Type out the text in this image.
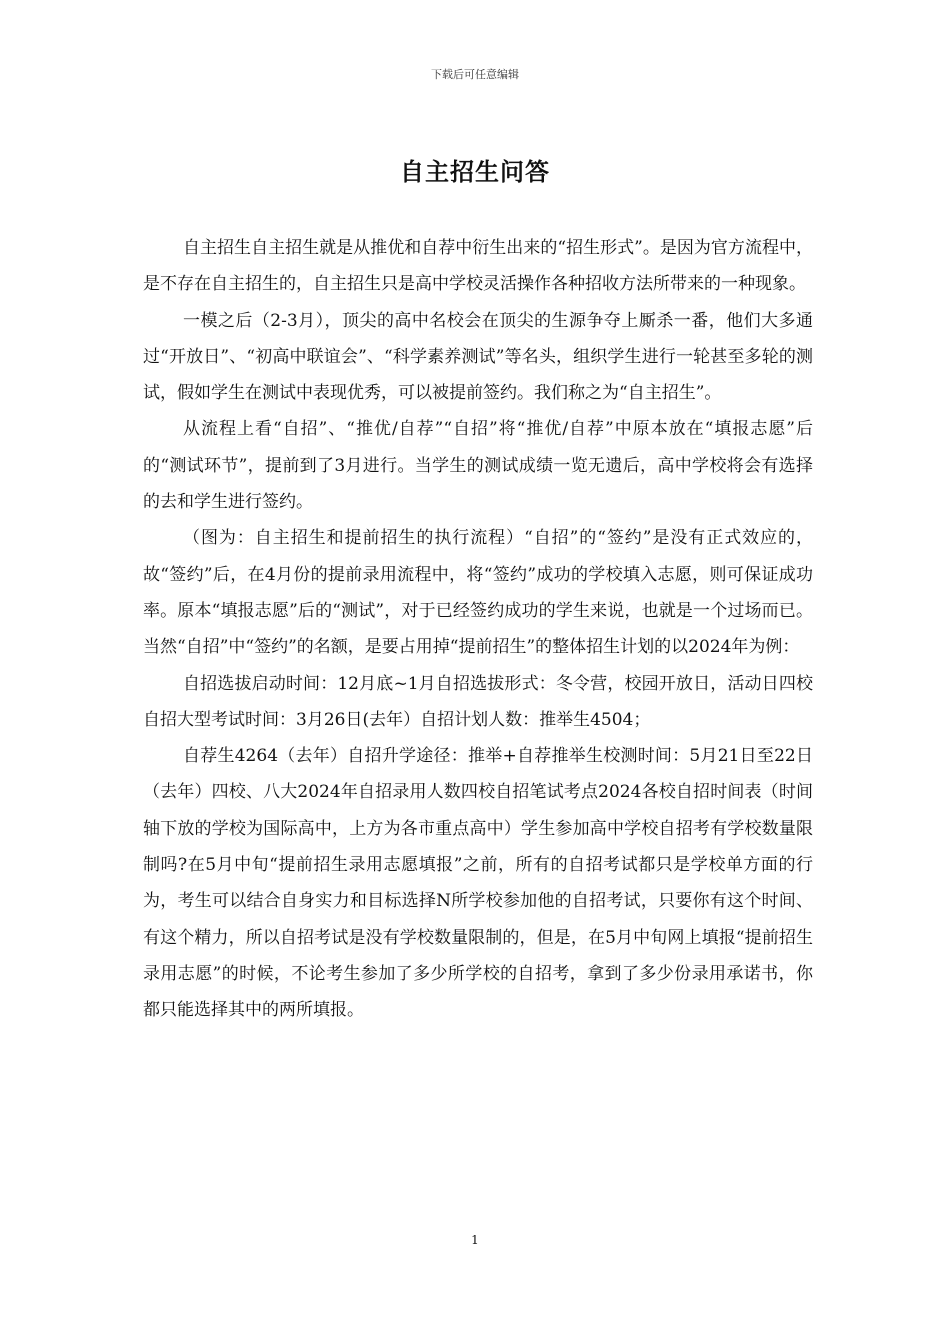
下载后可任意编辑
自主招生问答

自主招生自主招生就是从推优和自荐中衍生出来的“招生形式”。是因为官方流程中，是不存在自主招生的，自主招生只是高中学校灵活操作各种招收方法所带来的一种现象。

一模之后（2-3月），顶尖的高中名校会在顶尖的生源争夺上厮杀一番，他们大多通过“开放日”、“初高中联谊会”、“科学素养测试”等名头，组织学生进行一轮甚至多轮的测试，假如学生在测试中表现优秀，可以被提前签约。我们称之为“自主招生”。

从流程上看“自招”、“推优/自荐”“自招”将“推优/自荐”中原本放在“填报志愿”后的“测试环节”，提前到了3月进行。当学生的测试成绩一览无遗后，高中学校将会有选择的去和学生进行签约。

（图为：自主招生和提前招生的执行流程）“自招”的“签约”是没有正式效应的，故“签约”后，在4月份的提前录用流程中，将“签约”成功的学校填入志愿，则可保证成功率。原本“填报志愿”后的“测试”，对于已经签约成功的学生来说，也就是一个过场而已。当然“自招”中“签约”的名额，是要占用掉“提前招生”的整体招生计划的以2024年为例：

自招选拔启动时间：12月底~1月自招选拔形式：冬令营，校园开放日，活动日四校自招大型考试时间：3月26日(去年）自招计划人数：推举生4504；

自荐生4264（去年）自招升学途径：推举+自荐推举生校测时间：5月21日至22日（去年）四校、八大2024年自招录用人数四校自招笔试考点2024各校自招时间表（时间轴下放的学校为国际高中，上方为各市重点高中）学生参加高中学校自招考有学校数量限制吗?在5月中旬“提前招生录用志愿填报”之前，所有的自招考试都只是学校单方面的行为，考生可以结合自身实力和目标选择N所学校参加他的自招考试，只要你有这个时间、有这个精力，所以自招考试是没有学校数量限制的，但是，在5月中旬网上填报“提前招生录用志愿”的时候，不论考生参加了多少所学校的自招考，拿到了多少份录用承诺书，你都只能选择其中的两所填报。

1
